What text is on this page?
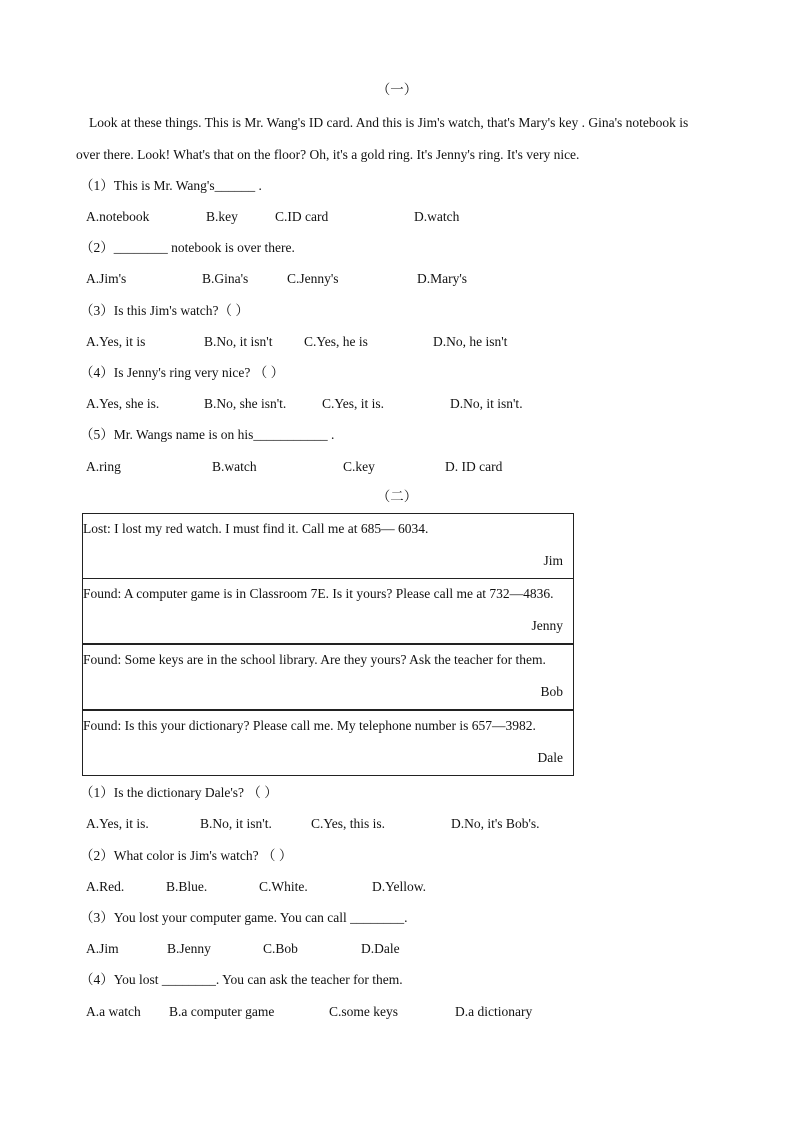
（一）
Look at these things. This is Mr. Wang's ID card. And this is Jim's watch, that's Mary's key . Gina's notebook is
over there. Look! What's that on the floor? Oh, it's a gold ring. It's Jenny's ring. It's very nice.
（1）This is Mr. Wang's______ .
A.notebook	B.key	C.ID card	D.watch
（2）________ notebook is over there.
A.Jim's	B.Gina's	C.Jenny's	D.Mary's
（3）Is this Jim's watch?（ ）
A.Yes, it is	B.No, it isn't C.Yes, he is	D.No, he isn't
（4）Is Jenny's ring very nice? （ ）
A.Yes, she is.	B.No, she isn't.	C.Yes, it is.	D.No, it isn't.
（5）Mr. Wangs name is on his___________ .
A.ring	B.watch	C.key	D. ID card
（二）
Lost: I lost my red watch. I must find it. Call me at 685— 6034.
Jim
Found: A computer game is in Classroom 7E. Is it yours? Please call me at 732—4836.
Jenny
Found: Some keys are in the school library. Are they yours? Ask the teacher for them.
Bob
Found: Is this your dictionary? Please call me. My telephone number is 657—3982.
Dale
（1）Is the dictionary Dale's? （ ）
A.Yes, it is.	B.No, it isn't.	C.Yes, this is.	D.No, it's Bob's.
（2）What color is Jim's watch? （ ）
A.Red.	B.Blue.	C.White.	D.Yellow.
（3）You lost your computer game. You can call ________.
A.Jim	B.Jenny	C.Bob	D.Dale
（4）You lost ________. You can ask the teacher for them.
A.a watch B.a computer game	C.some keys	D.a dictionary
